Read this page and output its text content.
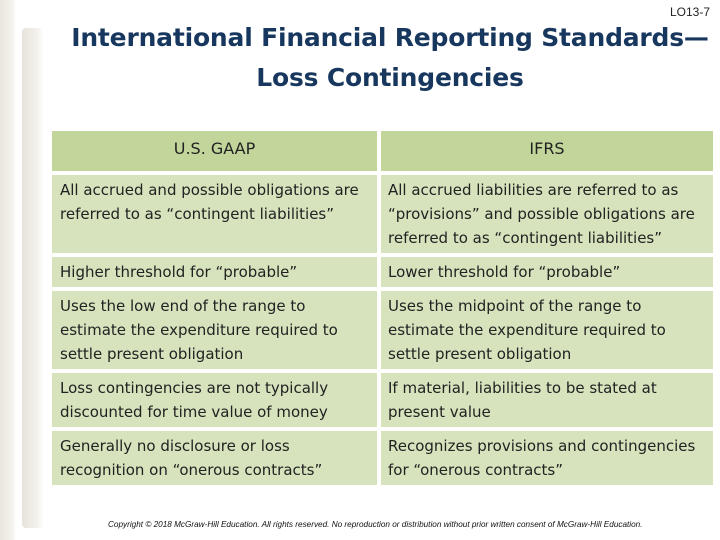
LO13-7
International Financial Reporting Standards—
Loss Contingencies
U.S. GAAP	IFRS
All accrued and possible obligations are referred to as “contingent liabilities”
All accrued liabilities are referred to as “provisions” and possible obligations are referred to as “contingent liabilities”
Higher threshold for “probable”	Lower threshold for “probable”
Uses the low end of the range to estimate the expenditure required to settle present obligation
Uses the midpoint of the range to estimate the expenditure required to settle present obligation
Loss contingencies are not typically discounted for time value of money
If material, liabilities to be stated at present value
Generally no disclosure or loss recognition on “onerous contracts”
Recognizes provisions and contingencies for “onerous contracts”
Copyright © 2018 McGraw-Hill Education. All rights reserved. No reproduction or distribution without prior written consent of McGraw-Hill Education.
